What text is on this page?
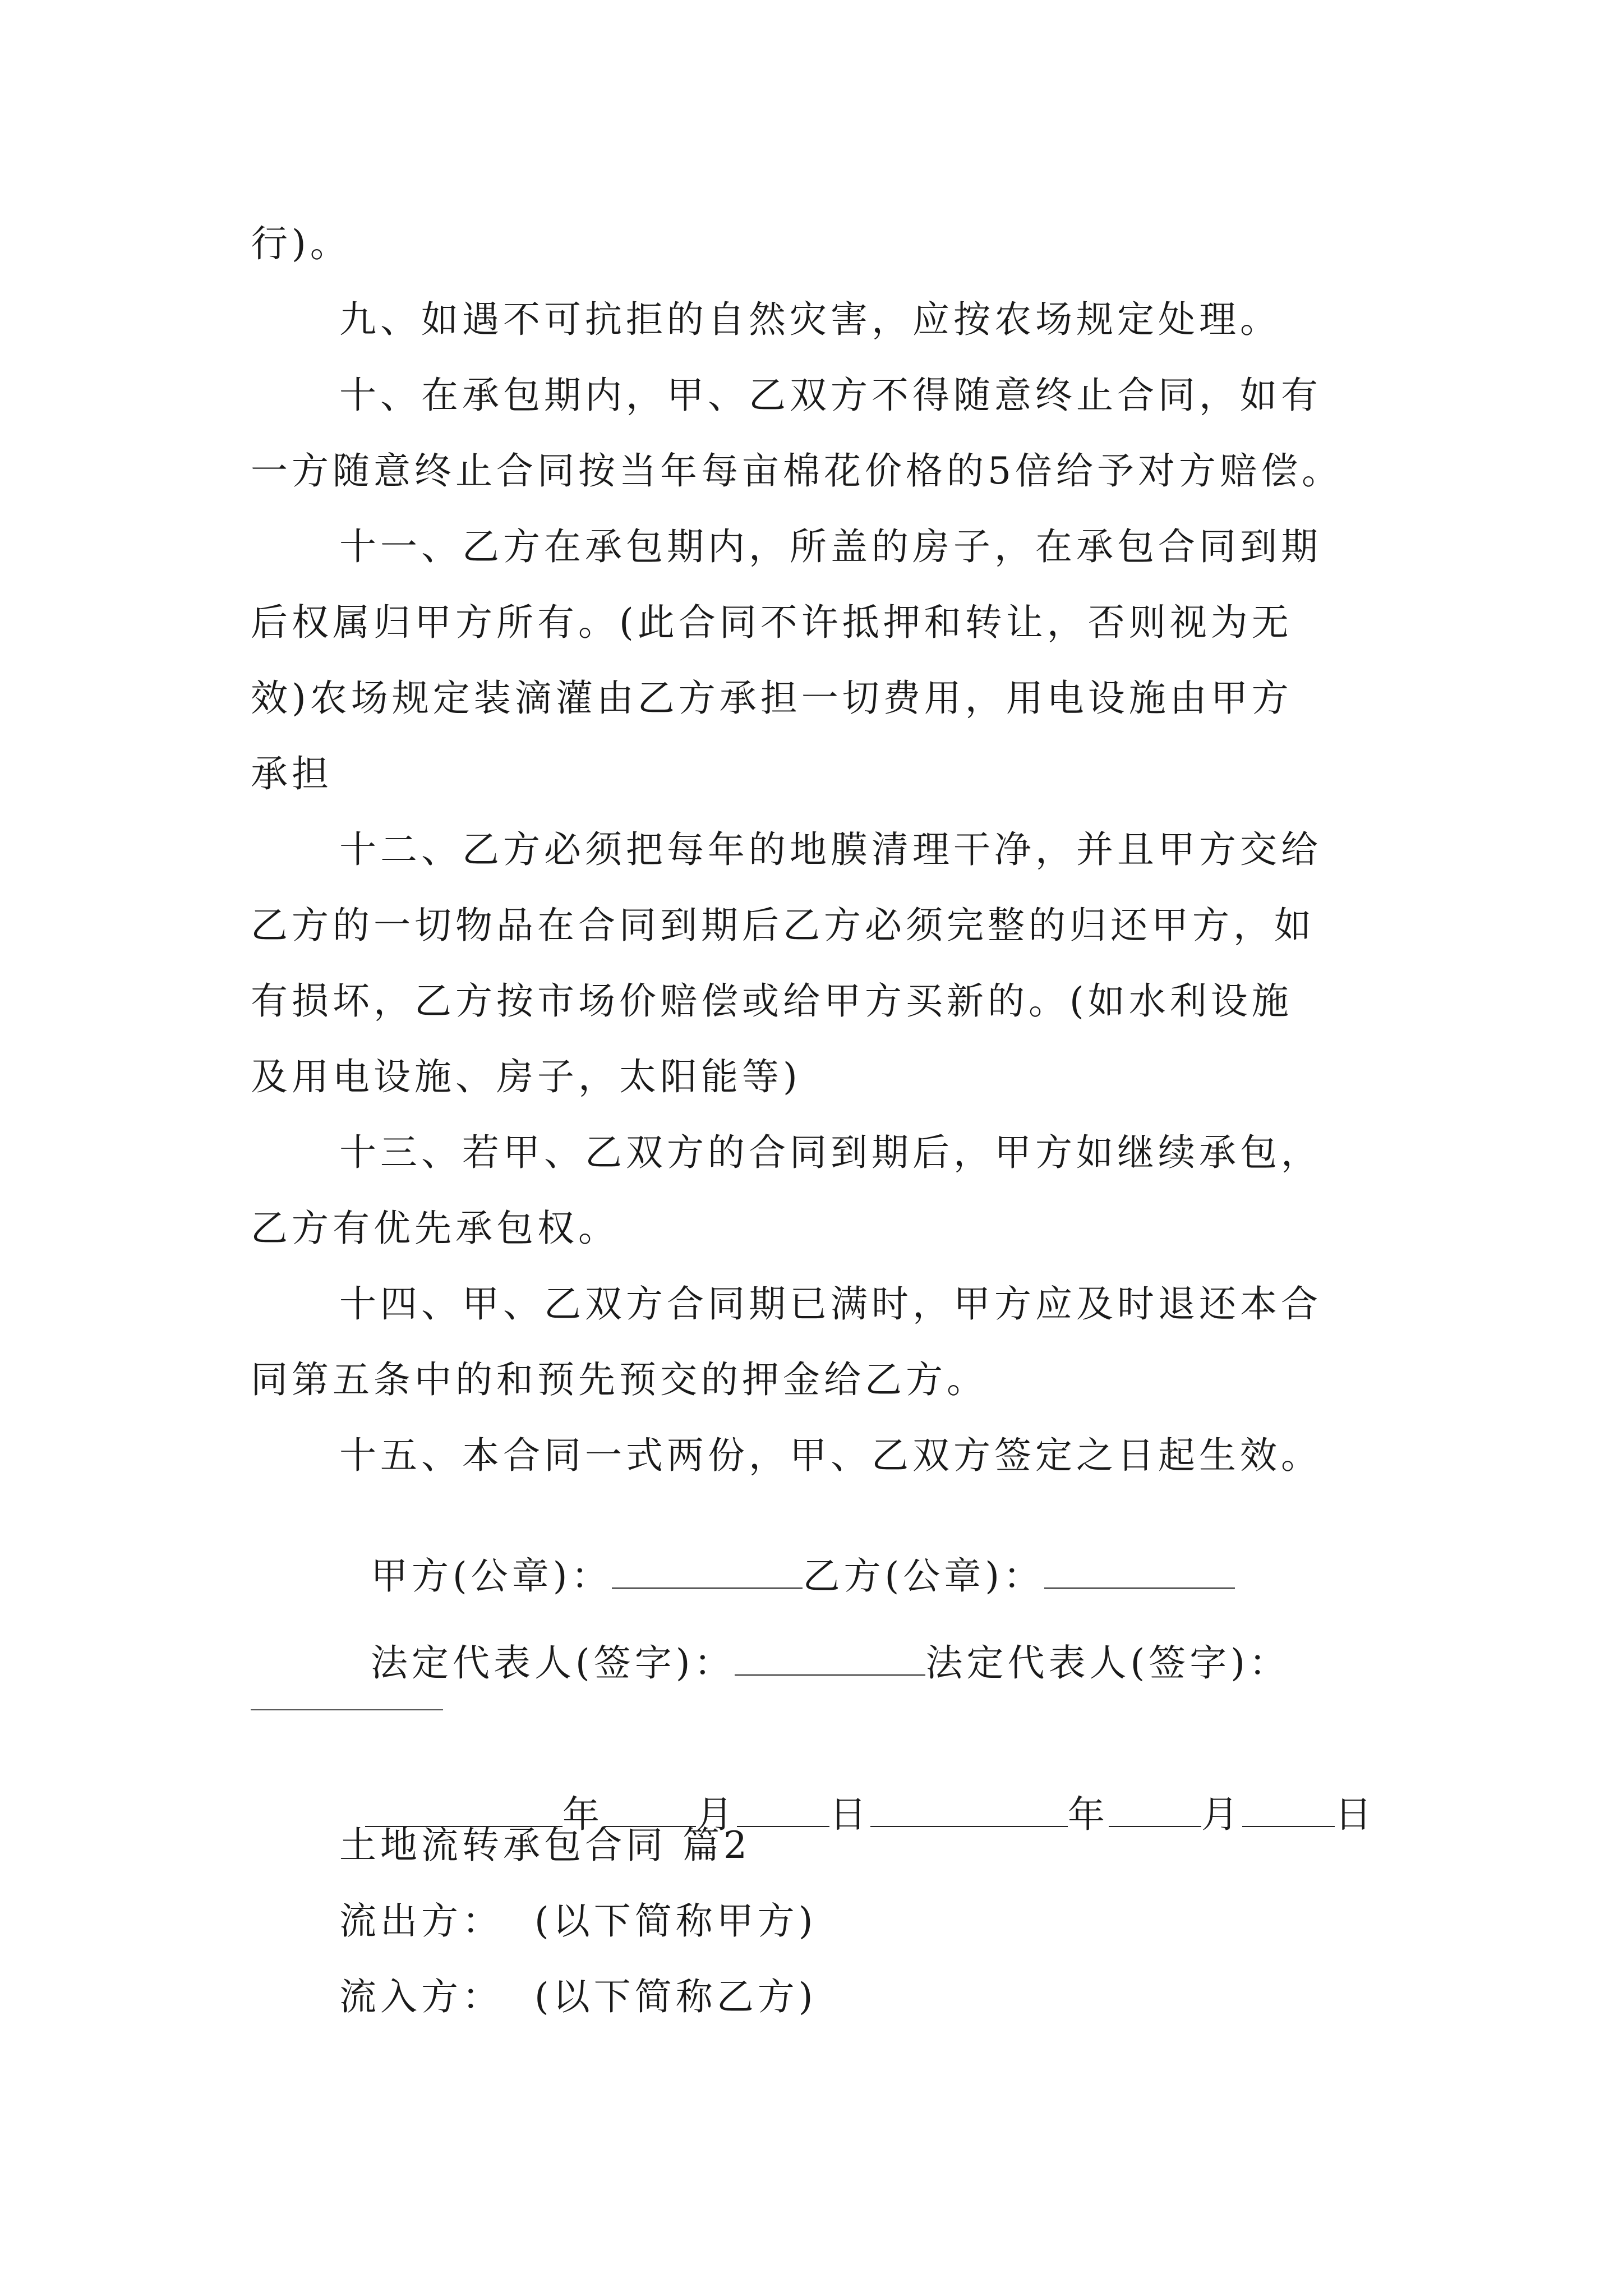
行)。
九、如遇不可抗拒的自然灾害，应按农场规定处理。
十、在承包期内，甲、乙双方不得随意终止合同，如有
一方随意终止合同按当年每亩棉花价格的5倍给予对方赔偿。
十一、乙方在承包期内，所盖的房子，在承包合同到期
后权属归甲方所有。(此合同不许抵押和转让，否则视为无
效)农场规定装滴灌由乙方承担一切费用，用电设施由甲方
承担
十二、乙方必须把每年的地膜清理干净，并且甲方交给
乙方的一切物品在合同到期后乙方必须完整的归还甲方，如
有损坏，乙方按市场价赔偿或给甲方买新的。(如水利设施
及用电设施、房子，太阳能等)
十三、若甲、乙双方的合同到期后，甲方如继续承包，
乙方有优先承包权。
十四、甲、乙双方合同期已满时，甲方应及时退还本合
同第五条中的和预先预交的押金给乙方。
十五、本合同一式两份，甲、乙双方签定之日起生效。

甲方(公章)：	乙方(公章)：

法定代表人(签字)：	法定代表人(签字)：

年	月	日	年	月	日

土地流转承包合同 篇2
流出方：  (以下简称甲方)
流入方：  (以下简称乙方)
